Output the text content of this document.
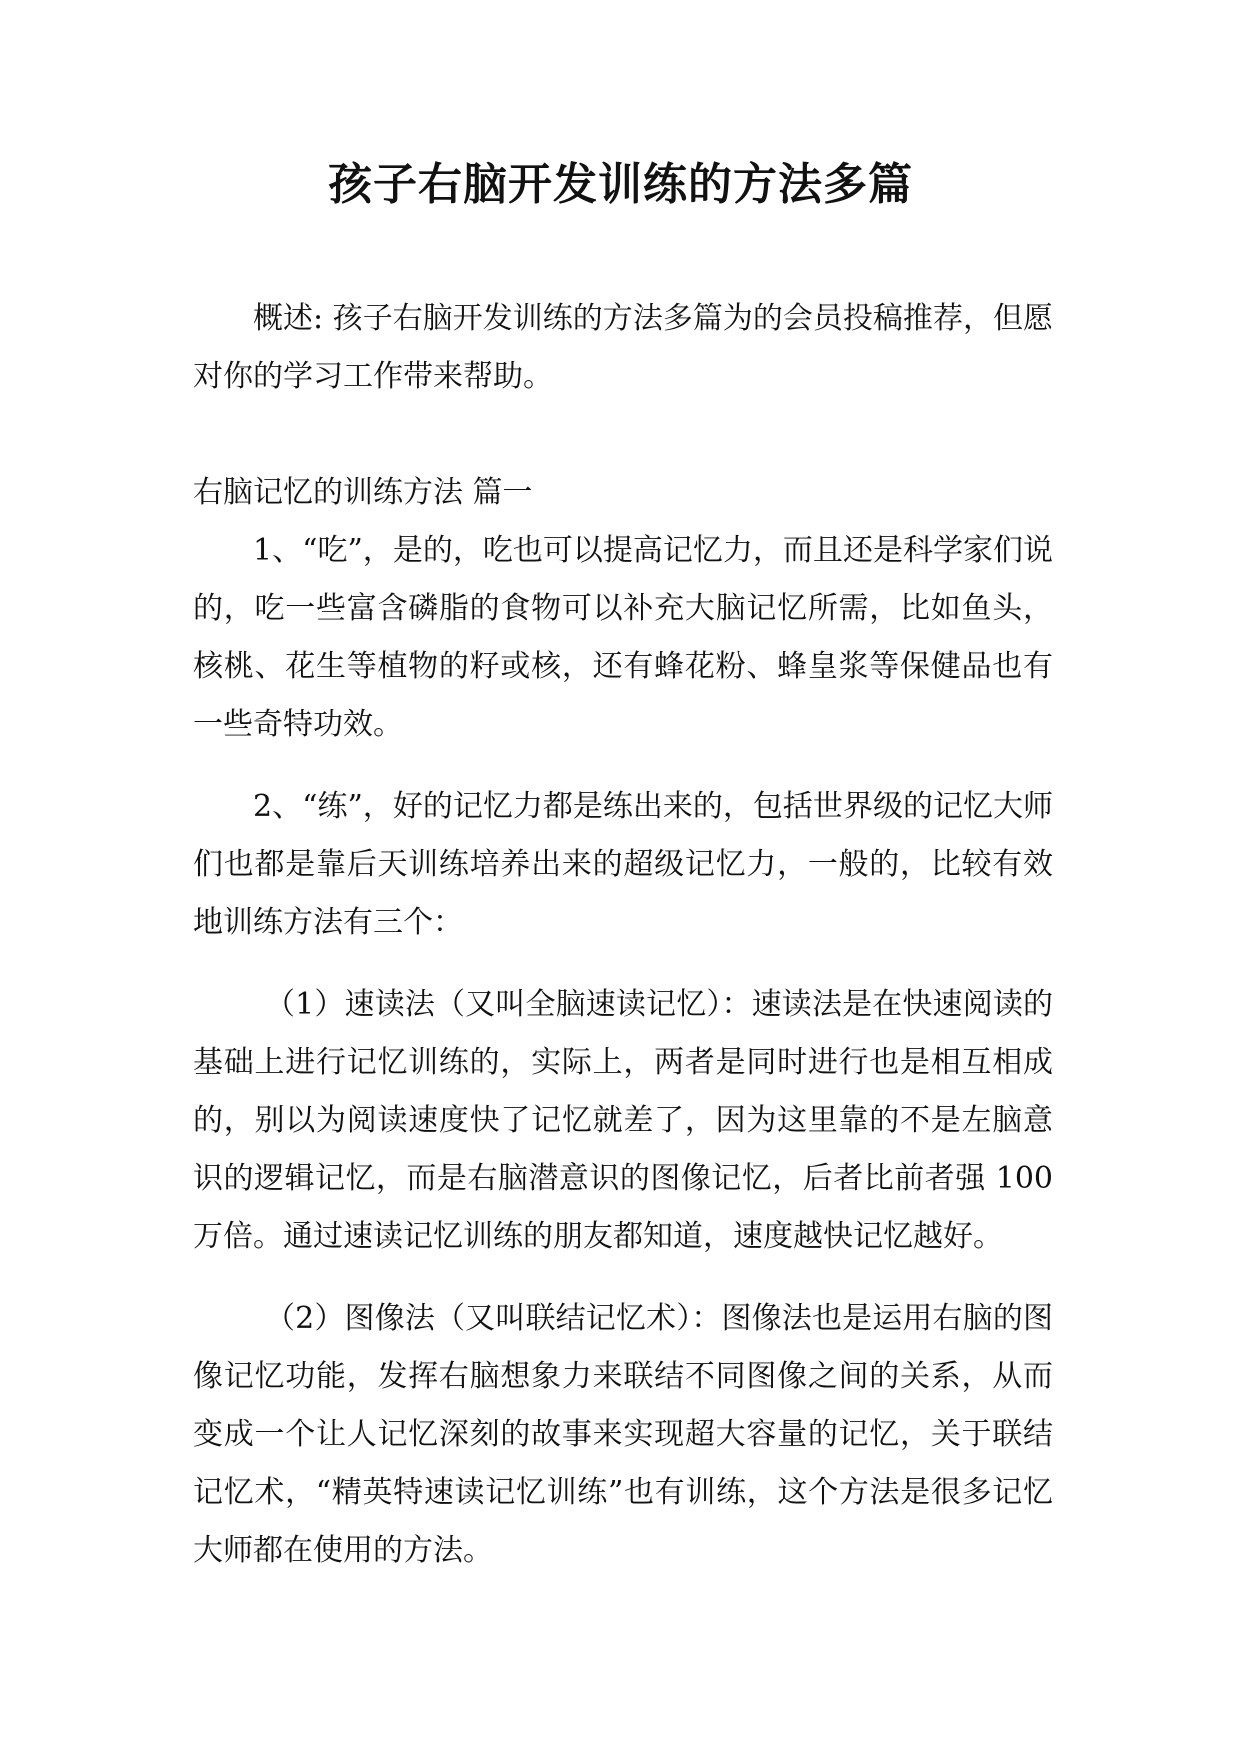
孩子右脑开发训练的方法多篇

概述: 孩子右脑开发训练的方法多篇为的会员投稿推荐，但愿对你的学习工作带来帮助。

右脑记忆的训练方法 篇一

1、“吃”，是的，吃也可以提高记忆力，而且还是科学家们说的，吃一些富含磷脂的食物可以补充大脑记忆所需，比如鱼头，核桃、花生等植物的籽或核，还有蜂花粉、蜂皇浆等保健品也有一些奇特功效。

2、“练”，好的记忆力都是练出来的，包括世界级的记忆大师们也都是靠后天训练培养出来的超级记忆力，一般的，比较有效地训练方法有三个：

（1）速读法（又叫全脑速读记忆）：速读法是在快速阅读的基础上进行记忆训练的，实际上，两者是同时进行也是相互相成的，别以为阅读速度快了记忆就差了，因为这里靠的不是左脑意识的逻辑记忆，而是右脑潜意识的图像记忆，后者比前者强 100 万倍。通过速读记忆训练的朋友都知道，速度越快记忆越好。

（2）图像法（又叫联结记忆术）：图像法也是运用右脑的图像记忆功能，发挥右脑想象力来联结不同图像之间的关系，从而变成一个让人记忆深刻的故事来实现超大容量的记忆，关于联结记忆术，“精英特速读记忆训练”也有训练，这个方法是很多记忆大师都在使用的方法。
